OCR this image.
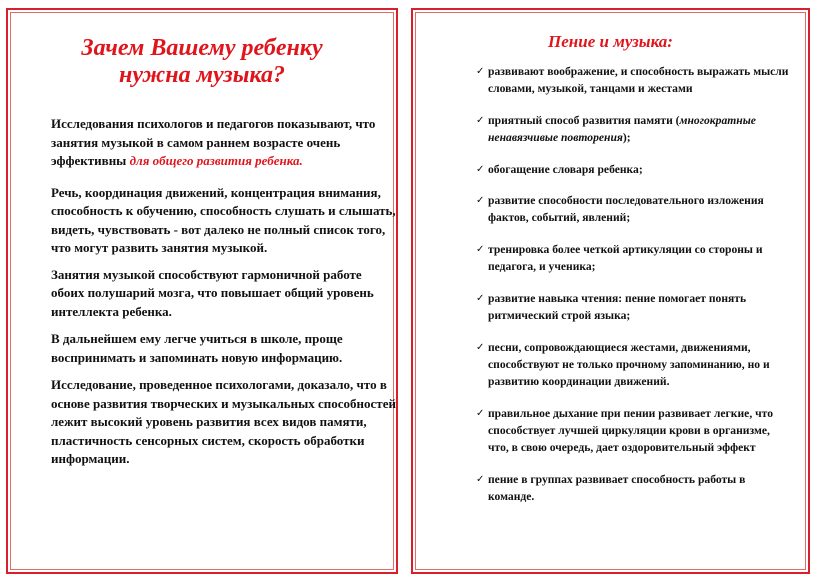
Зачем Вашему ребенку
нужна музыка?

Исследования психологов и педагогов показывают, что занятия музыкой в самом раннем возрасте очень эффективны для общего развития ребенка.

Речь, координация движений, концентрация внимания, способность к обучению, способность слушать и слышать, видеть, чувствовать - вот далеко не полный список того, что могут развить занятия музыкой.

Занятия музыкой способствуют гармоничной работе обоих полушарий мозга, что повышает общий уровень интеллекта ребенка.

В дальнейшем ему легче учиться в школе, проще воспринимать и запоминать новую информацию.

Исследование, проведенное психологами, доказало, что в основе развития творческих и музыкальных способностей лежит высокий уровень развития всех видов памяти, пластичность сенсорных систем, скорость обработки информации.

Пение и музыка:
✓ развивают воображение, и способность выражать мысли словами, музыкой, танцами и жестами
✓ приятный способ развития памяти (многократные ненавязчивые повторения);
✓ обогащение словаря ребенка;
✓ развитие способности последовательного изложения фактов, событий, явлений;
✓ тренировка более четкой артикуляции со стороны и педагога, и ученика;
✓ развитие навыка чтения: пение помогает понять ритмический строй языка;
✓ песни, сопровождающиеся жестами, движениями, способствуют не только прочному запоминанию, но и развитию координации движений.
✓ правильное дыхание при пении развивает легкие, что способствует лучшей циркуляции крови в организме, что, в свою очередь, дает оздоровительный эффект
✓ пение в группах развивает способность работы в команде.
